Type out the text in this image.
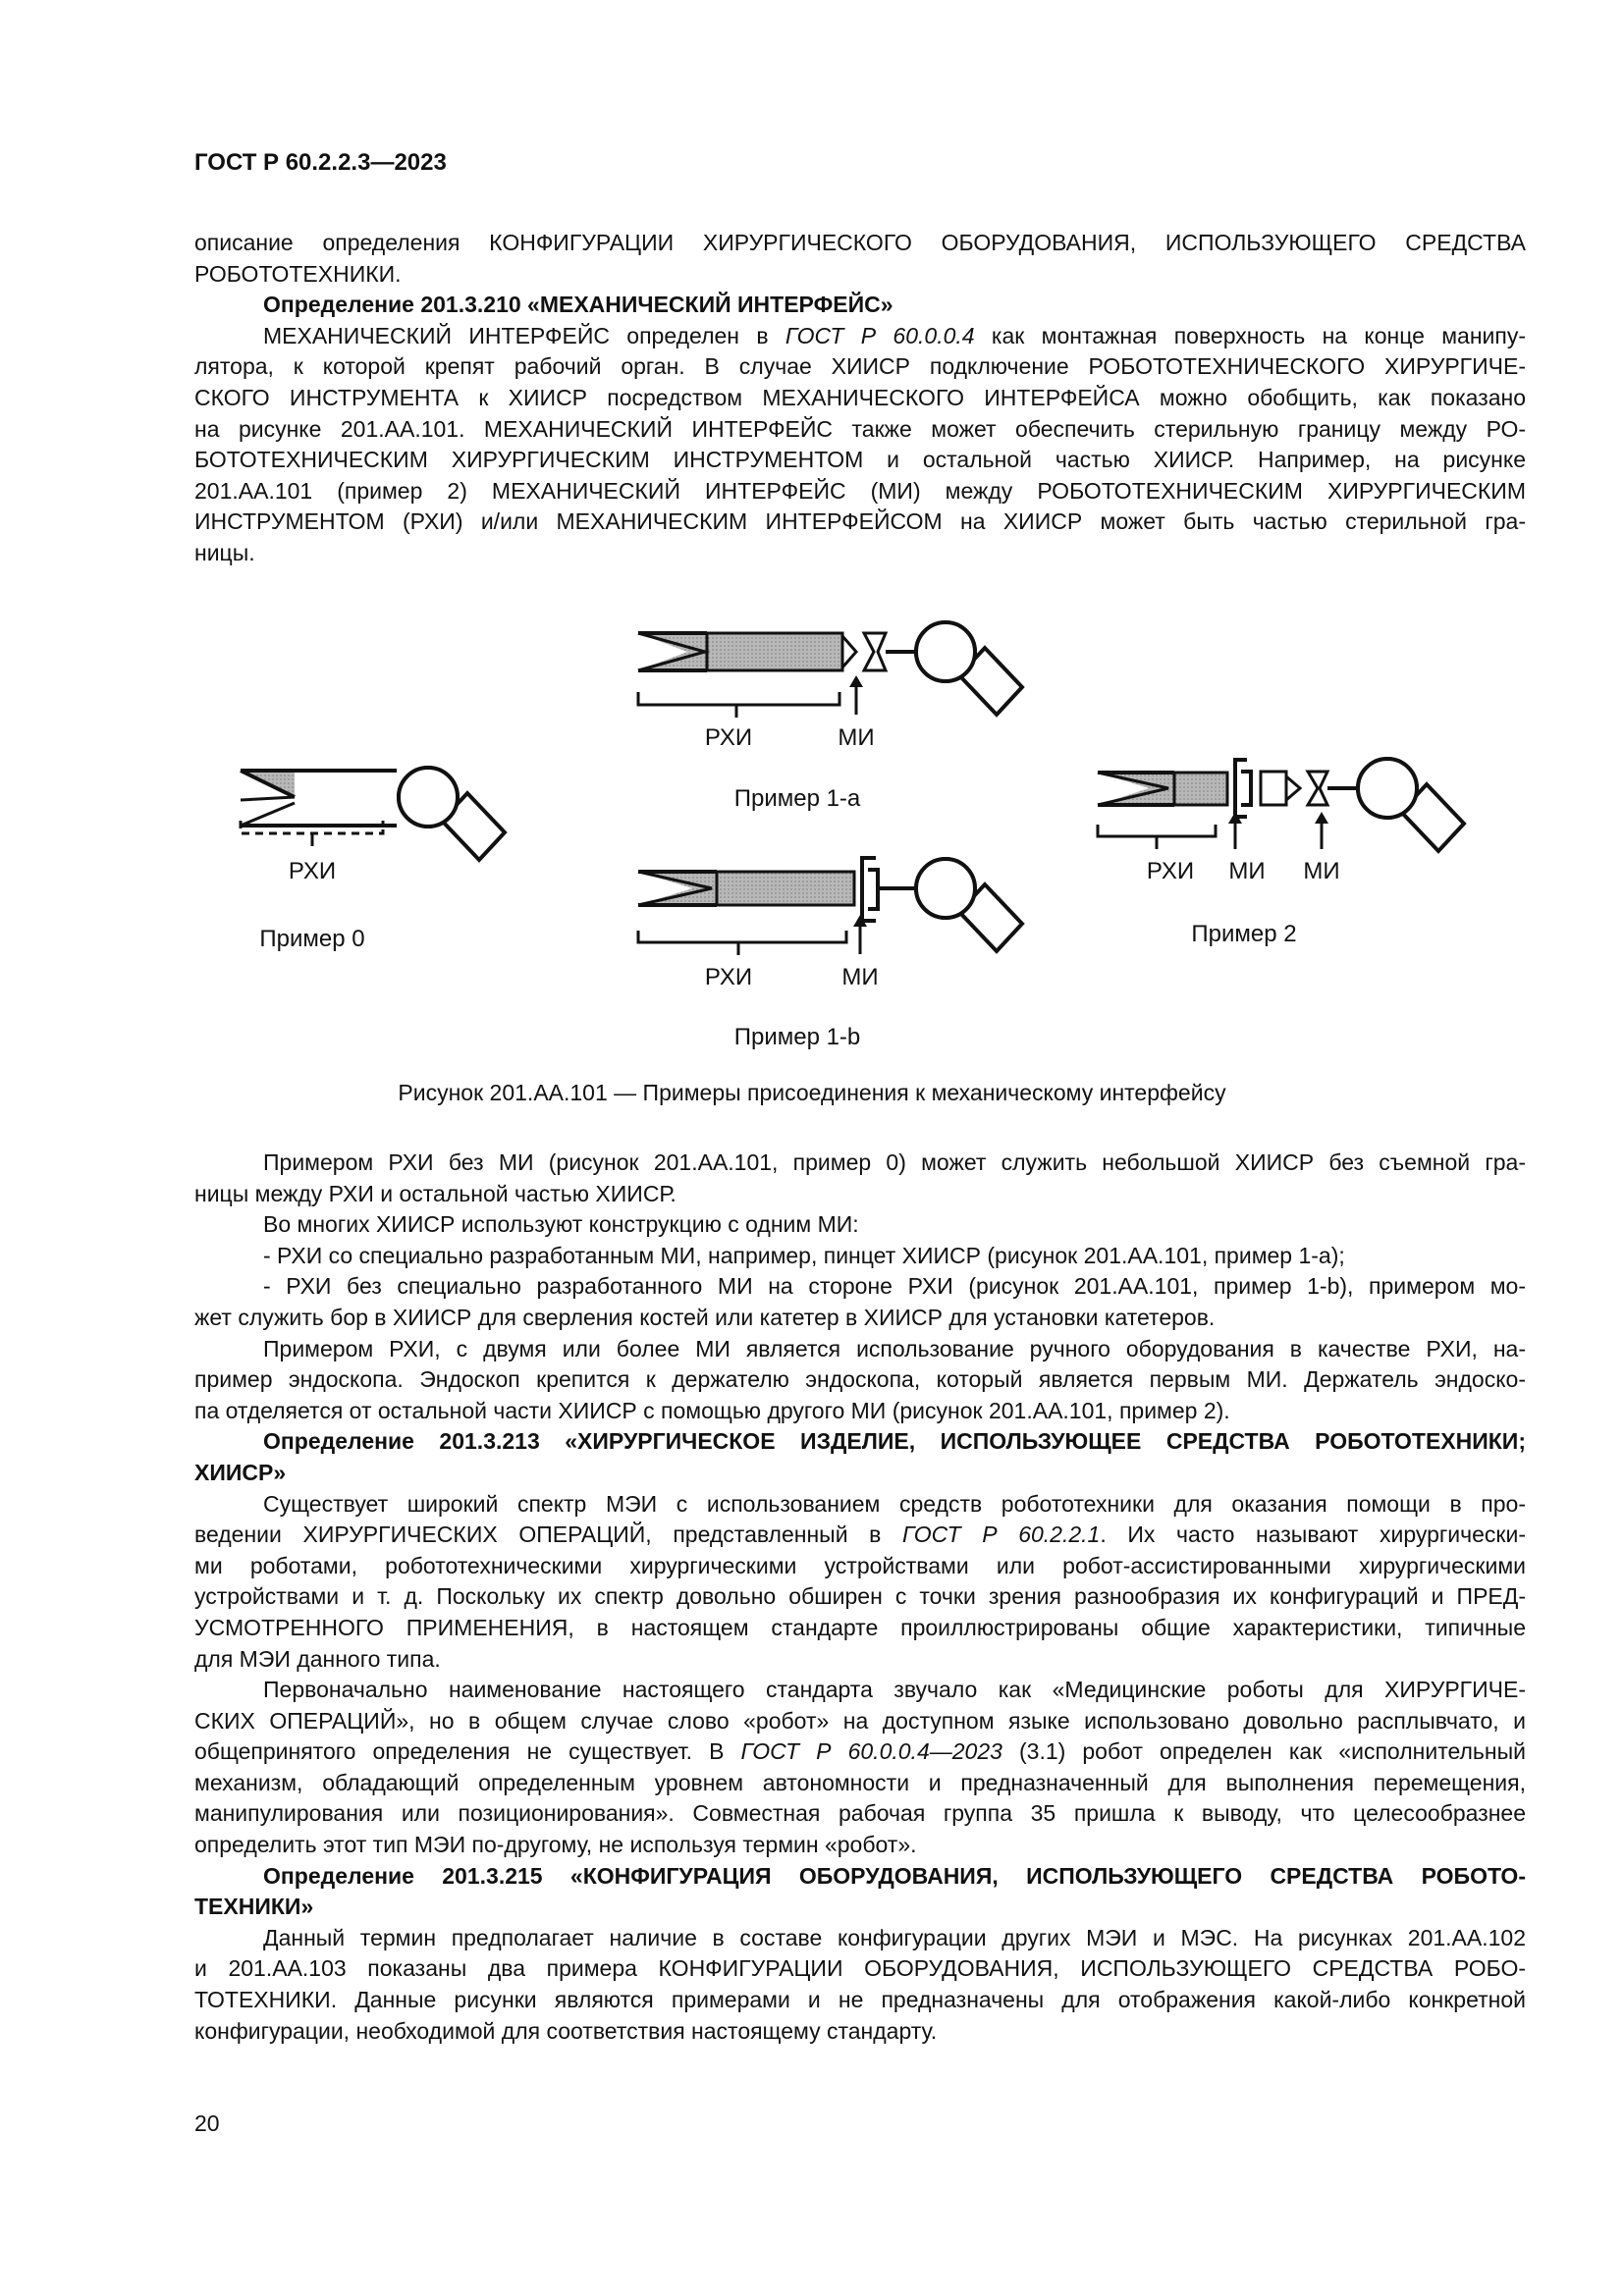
ГОСТ Р 60.2.2.3—2023
описание определения КОНФИГУРАЦИИ ХИРУРГИЧЕСКОГО ОБОРУДОВАНИЯ, ИСПОЛЬЗУЮЩЕГО СРЕДСТВА
РОБОТОТЕХНИКИ.
Определение 201.3.210 «МЕХАНИЧЕСКИЙ ИНТЕРФЕЙС»
МЕХАНИЧЕСКИЙ ИНТЕРФЕЙС определен в ГОСТ Р 60.0.0.4 как монтажная поверхность на конце манипу-
лятора, к которой крепят рабочий орган. В случае ХИИСР подключение РОБОТОТЕХНИЧЕСКОГО ХИРУРГИЧЕ-
СКОГО ИНСТРУМЕНТА к ХИИСР посредством МЕХАНИЧЕСКОГО ИНТЕРФЕЙСА можно обобщить, как показано
на рисунке 201.АА.101. МЕХАНИЧЕСКИЙ ИНТЕРФЕЙС также может обеспечить стерильную границу между РО-
БОТОТЕХНИЧЕСКИМ ХИРУРГИЧЕСКИМ ИНСТРУМЕНТОМ и остальной частью ХИИСР. Например, на рисунке
201.АА.101 (пример 2) МЕХАНИЧЕСКИЙ ИНТЕРФЕЙС (МИ) между РОБОТОТЕХНИЧЕСКИМ ХИРУРГИЧЕСКИМ
ИНСТРУМЕНТОМ (РХИ) и/или МЕХАНИЧЕСКИМ ИНТЕРФЕЙСОМ на ХИИСР может быть частью стерильной гра-
ницы.
РХИ	МИ
Пример 1-а
РХИ
Пример 0
РХИ МИ МИ
Пример 2
РХИ	МИ
Пример 1-b
Рисунок 201.АА.101 — Примеры присоединения к механическому интерфейсу
Примером РХИ без МИ (рисунок 201.АА.101, пример 0) может служить небольшой ХИИСР без съемной гра-
ницы между РХИ и остальной частью ХИИСР.
Во многих ХИИСР используют конструкцию с одним МИ:
- РХИ со специально разработанным МИ, например, пинцет ХИИСР (рисунок 201.АА.101, пример 1-а);
- РХИ без специально разработанного МИ на стороне РХИ (рисунок 201.АА.101, пример 1-b), примером мо-
жет служить бор в ХИИСР для сверления костей или катетер в ХИИСР для установки катетеров.
Примером РХИ, с двумя или более МИ является использование ручного оборудования в качестве РХИ, на-
пример эндоскопа. Эндоскоп крепится к держателю эндоскопа, который является первым МИ. Держатель эндоско-
па отделяется от остальной части ХИИСР с помощью другого МИ (рисунок 201.АА.101, пример 2).
Определение 201.3.213 «ХИРУРГИЧЕСКОЕ ИЗДЕЛИЕ, ИСПОЛЬЗУЮЩЕЕ СРЕДСТВА РОБОТОТЕХНИКИ;
ХИИСР»
Существует широкий спектр МЭИ с использованием средств робототехники для оказания помощи в про-
ведении ХИРУРГИЧЕСКИХ ОПЕРАЦИЙ, представленный в ГОСТ Р 60.2.2.1. Их часто называют хирургически-
ми роботами, робототехническими хирургическими устройствами или робот-ассистированными хирургическими
устройствами и т. д. Поскольку их спектр довольно обширен с точки зрения разнообразия их конфигураций и ПРЕД-
УСМОТРЕННОГО ПРИМЕНЕНИЯ, в настоящем стандарте проиллюстрированы общие характеристики, типичные
для МЭИ данного типа.
Первоначально наименование настоящего стандарта звучало как «Медицинские роботы для ХИРУРГИЧЕ-
СКИХ ОПЕРАЦИЙ», но в общем случае слово «робот» на доступном языке использовано довольно расплывчато, и
общепринятого определения не существует. В ГОСТ Р 60.0.0.4—2023 (3.1) робот определен как «исполнительный
механизм, обладающий определенным уровнем автономности и предназначенный для выполнения перемещения,
манипулирования или позиционирования». Совместная рабочая группа 35 пришла к выводу, что целесообразнее
определить этот тип МЭИ по-другому, не используя термин «робот».
Определение 201.3.215 «КОНФИГУРАЦИЯ ОБОРУДОВАНИЯ, ИСПОЛЬЗУЮЩЕГО СРЕДСТВА РОБОТО-
ТЕХНИКИ»
Данный термин предполагает наличие в составе конфигурации других МЭИ и МЭС. На рисунках 201.АА.102
и 201.АА.103 показаны два примера КОНФИГУРАЦИИ ОБОРУДОВАНИЯ, ИСПОЛЬЗУЮЩЕГО СРЕДСТВА РОБО-
ТОТЕХНИКИ. Данные рисунки являются примерами и не предназначены для отображения какой-либо конкретной
конфигурации, необходимой для соответствия настоящему стандарту.
20
